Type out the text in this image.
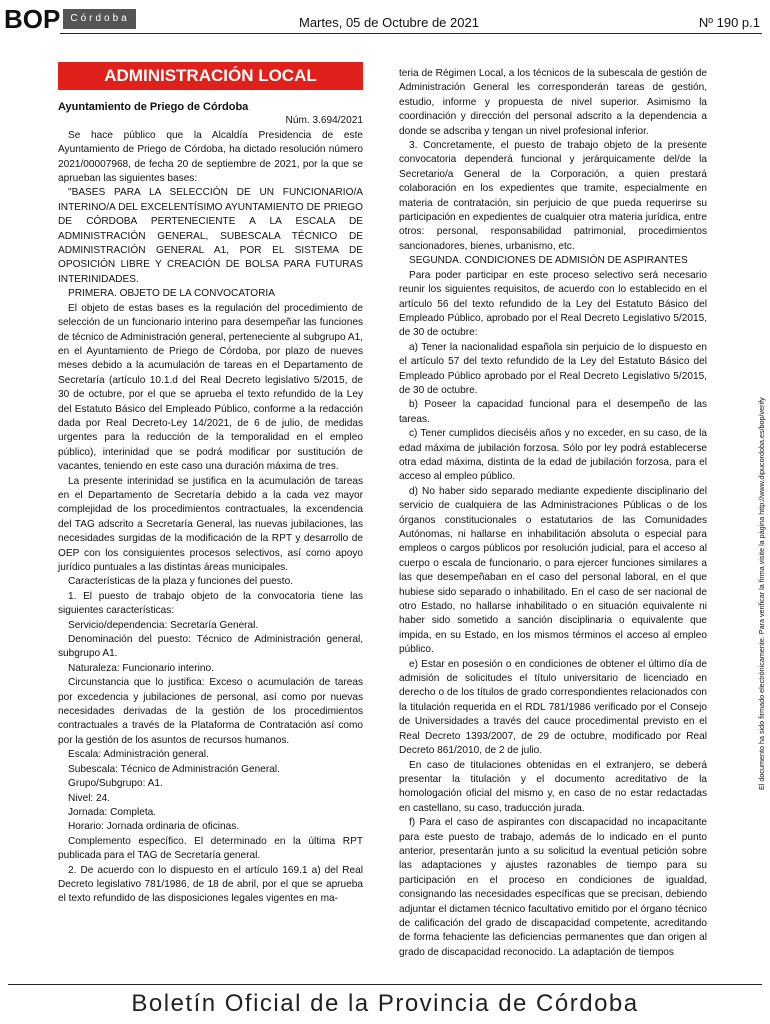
BOP	Córdoba	Martes, 05 de Octubre de 2021	Nº 190 p.1
ADMINISTRACIÓN LOCAL

Ayuntamiento de Priego de Córdoba

Núm. 3.694/2021

Se hace público que la Alcaldía Presidencia de este Ayuntamiento de Priego de Córdoba, ha dictado resolución número 2021/00007968, de fecha 20 de septiembre de 2021, por la que se aprueban las siguientes bases:

"BASES PARA LA SELECCIÓN DE UN FUNCIONARIO/A INTERINO/A DEL EXCELENTÍSIMO AYUNTAMIENTO DE PRIEGO DE CÓRDOBA PERTENECIENTE A LA ESCALA DE ADMINISTRACIÓN GENERAL, SUBESCALA TÉCNICO DE ADMINISTRACIÓN GENERAL A1, POR EL SISTEMA DE OPOSICIÓN LIBRE Y CREACIÓN DE BOLSA PARA FUTURAS INTERINIDADES.

PRIMERA. OBJETO DE LA CONVOCATORIA

El objeto de estas bases es la regulación del procedimiento de selección de un funcionario interino para desempeñar las funciones de técnico de Administración general, perteneciente al subgrupo A1, en el Ayuntamiento de Priego de Córdoba, por plazo de nueves meses debido a la acumulación de tareas en el Departamento de Secretaría (artículo 10.1.d del Real Decreto legislativo 5/2015, de 30 de octubre, por el que se aprueba el texto refundido de la Ley del Estatuto Básico del Empleado Público, conforme a la redacción dada por Real Decreto-Ley 14/2021, de 6 de julio, de medidas urgentes para la reducción de la temporalidad en el empleo público), interinidad que se podrá modificar por sustitución de vacantes, teniendo en este caso una duración máxima de tres.

La presente interinidad se justifica en la acumulación de tareas en el Departamento de Secretaría debido a la cada vez mayor complejidad de los procedimientos contractuales, la excendencia del TAG adscrito a Secretaría General, las nuevas jubilaciones, las necesidades surgidas de la modificación de la RPT y desarrollo de OEP con los consiguientes procesos selectivos, así como apoyo jurídico puntuales a las distintas áreas municipales.

Características de la plaza y funciones del puesto.

1. El puesto de trabajo objeto de la convocatoria tiene las siguientes características:

Servicio/dependencia: Secretaría General.

Denominación del puesto: Técnico de Administración general, subgrupo A1.

Naturaleza: Funcionario interino.

Circunstancia que lo justifica: Exceso o acumulación de tareas por excedencia y jubilaciones de personal, así como por nuevas necesidades derivadas de la gestión de los procedimientos contractuales a través de la Plataforma de Contratación así como por la gestión de los asuntos de recursos humanos.

Escala: Administración general.

Subescala: Técnico de Administración General.

Grupo/Subgrupo: A1.

Nivel: 24.

Jornada: Completa.

Horario: Jornada ordinaria de oficinas.

Complemento específico. El determinado en la última RPT publicada para el TAG de Secretaría general.

2. De acuerdo con lo dispuesto en el artículo 169.1 a) del Real Decreto legislativo 781/1986, de 18 de abril, por el que se aprueba el texto refundido de las disposiciones legales vigentes en ma-

teria de Régimen Local, a los técnicos de la subescala de gestión de Administración General les corresponderán tareas de gestión, estudio, informe y propuesta de nivel superior. Asimismo la coordinación y dirección del personal adscrito a la dependencia a donde se adscriba y tengan un nivel profesional inferior.

3. Concretamente, el puesto de trabajo objeto de la presente convocatoria dependerá funcional y jerárquicamente del/de la Secretario/a General de la Corporación, a quien prestará colaboración en los expedientes que tramite, especialmente en materia de contratación, sin perjuicio de que pueda requerirse su participación en expedientes de cualquier otra materia jurídica, entre otros: personal, responsabilidad patrimonial, procedimientos sancionadores, bienes, urbanismo, etc.

SEGUNDA. CONDICIONES DE ADMISIÓN DE ASPIRANTES

Para poder participar en este proceso selectivo será necesario reunir los siguientes requisitos, de acuerdo con lo establecido en el artículo 56 del texto refundido de la Ley del Estatuto Básico del Empleado Público, aprobado por el Real Decreto Legislativo 5/2015, de 30 de octubre:

a) Tener la nacionalidad española sin perjuicio de lo dispuesto en el artículo 57 del texto refundido de la Ley del Estatuto Básico del Empleado Público aprobado por el Real Decreto Legislativo 5/2015, de 30 de octubre.

b) Poseer la capacidad funcional para el desempeño de las tareas.

c) Tener cumplidos dieciséis años y no exceder, en su caso, de la edad máxima de jubilación forzosa. Sólo por ley podrá establecerse otra edad máxima, distinta de la edad de jubilación forzosa, para el acceso al empleo público.

d) No haber sido separado mediante expediente disciplinario del servicio de cualquiera de las Administraciones Públicas o de los órganos constitucionales o estatutarios de las Comunidades Autónomas, ni hallarse en inhabilitación absoluta o especial para empleos o cargos públicos por resolución judicial, para el acceso al cuerpo o escala de funcionario, o para ejercer funciones similares a las que desempeñaban en el caso del personal laboral, en el que hubiese sido separado o inhabilitado. En el caso de ser nacional de otro Estado, no hallarse inhabilitado o en situación equivalente ni haber sido sometido a sanción disciplinaria o equivalente que impida, en su Estado, en los mismos términos el acceso al empleo público.

e) Estar en posesión o en condiciones de obtener el último día de admisión de solicitudes el título universitario de licenciado en derecho o de los títulos de grado correspondientes relacionados con la titulación requerida en el RDL 781/1986 verificado por el Consejo de Universidades a través del cauce procedimental previsto en el Real Decreto 1393/2007, de 29 de octubre, modificado por Real Decreto 861/2010, de 2 de julio.

En caso de titulaciones obtenidas en el extranjero, se deberá presentar la titulación y el documento acreditativo de la homologación oficial del mismo y, en caso de no estar redactadas en castellano, su caso, traducción jurada.

f) Para el caso de aspirantes con discapacidad no incapacitante para este puesto de trabajo, además de lo indicado en el punto anterior, presentarán junto a su solicitud la eventual petición sobre las adaptaciones y ajustes razonables de tiempo para su participación en el proceso en condiciones de igualdad, consignando las necesidades específicas que se precisan, debiendo adjuntar el dictamen técnico facultativo emitido por el órgano técnico de calificación del grado de discapacidad competente, acreditando de forma fehaciente las deficiencias permanentes que dan origen al grado de discapacidad reconocido. La adaptación de tiempos

El documento ha sido firmado electrónicamente. Para verificar la firma visite la página http://www.dipucordoba.es/bop/verify
Boletín Oficial de la Provincia de Córdoba
